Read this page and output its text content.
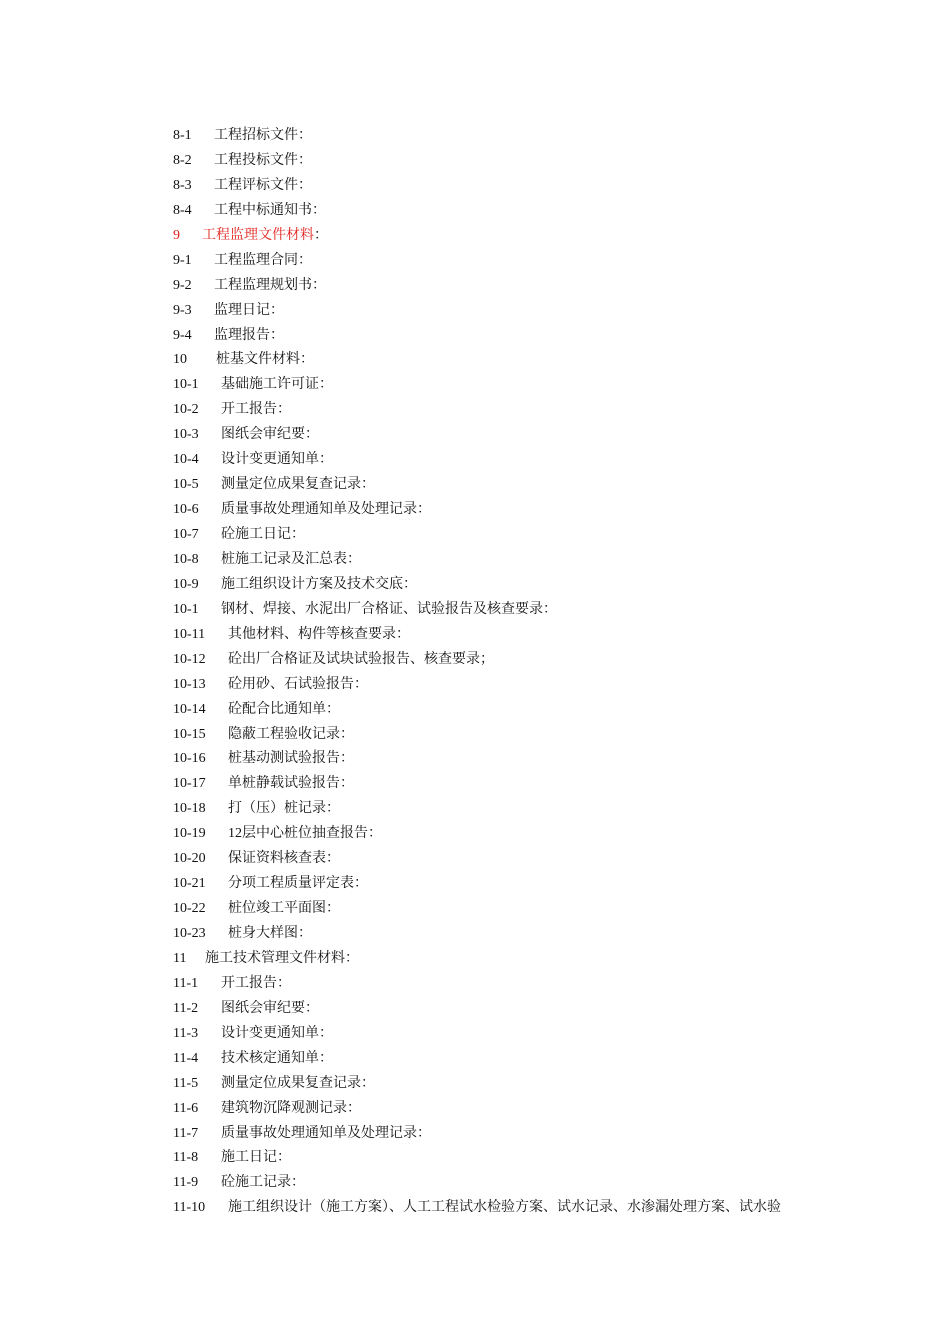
8-1 工程招标文件：
8-2 工程投标文件：
8-3 工程评标文件：
8-4 工程中标通知书：
9 工程监理文件材料：
9-1 工程监理合同：
9-2 工程监理规划书：
9-3 监理日记：
9-4 监理报告：
10 桩基文件材料：
10-1 基础施工许可证：
10-2 开工报告：
10-3 图纸会审纪要：
10-4 设计变更通知单：
10-5 测量定位成果复查记录：
10-6 质量事故处理通知单及处理记录：
10-7 砼施工日记：
10-8 桩施工记录及汇总表：
10-9 施工组织设计方案及技术交底：
10-1 钢材、焊接、水泥出厂合格证、试验报告及核查要录：
10-11 其他材料、构件等核查要录：
10-12 砼出厂合格证及试块试验报告、核查要录；
10-13 砼用砂、石试验报告：
10-14 砼配合比通知单：
10-15 隐蔽工程验收记录：
10-16 桩基动测试验报告：
10-17 单桩静载试验报告：
10-18 打（压）桩记录：
10-19 12层中心桩位抽查报告：
10-20 保证资料核查表：
10-21 分项工程质量评定表：
10-22 桩位竣工平面图：
10-23 桩身大样图：
11 施工技术管理文件材料：
11-1 开工报告：
11-2 图纸会审纪要：
11-3 设计变更通知单：
11-4 技术核定通知单：
11-5 测量定位成果复查记录：
11-6 建筑物沉降观测记录：
11-7 质量事故处理通知单及处理记录：
11-8 施工日记：
11-9 砼施工记录：
11-10 施工组织设计（施工方案）、人工工程试水检验方案、试水记录、水渗漏处理方案、试水验
